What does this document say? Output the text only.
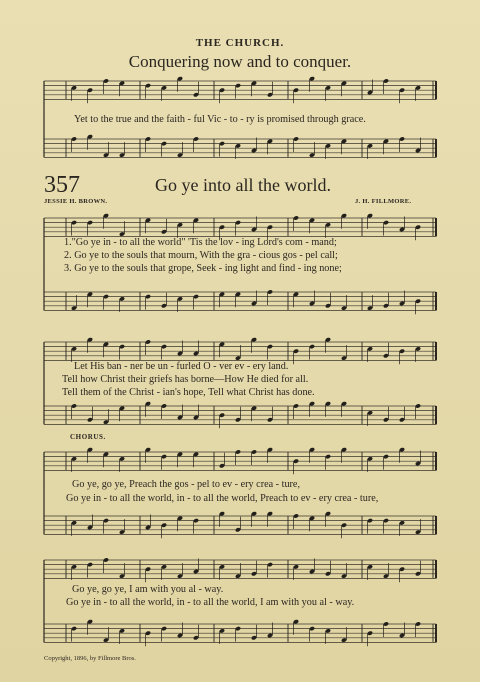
THE CHURCH.
Conquering now and to conquer.
Yet to the true and the faith - ful Vic - to - ry is promised through grace.
357	Go ye into all the world.
JESSIE H. BROWN.	J. H. FILLMORE.
1."Go ye in - to all the world" 'Tis the lov - ing Lord's com - mand;
2. Go ye to the souls that mourn, With the gra - cious gos - pel call;
3. Go ye to the souls that grope, Seek - ing light and find - ing none;
Let His ban - ner be un - furled O - ver ev - ery land.
Tell how Christ their griefs has borne—How He died for all.
Tell them of the Christ - ian's hope, Tell what Christ has done.
CHORUS.
Go ye, go ye, Preach the gos - pel to ev - ery crea - ture,
Go ye in - to all the world, in - to all the world, Preach to ev - ery crea - ture,
Go ye, go ye, I am with you al - way.
Go ye in - to all the world, in - to all the world, I am with you al - way.
Copyright, 1896, by Fillmore Bros.
